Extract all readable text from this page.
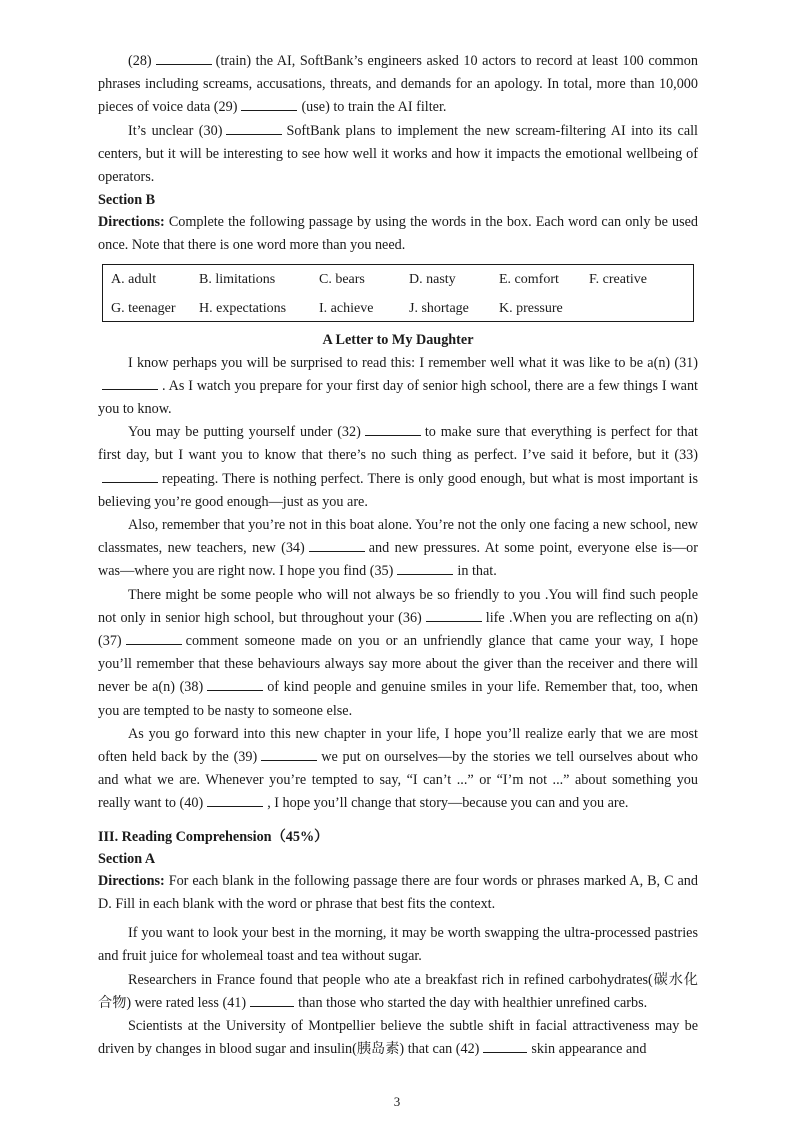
(28)	(train) the AI, SoftBank’s engineers asked 10 actors to record at least 100 common phrases including screams, accusations, threats, and demands for an apology. In total, more than 10,000 pieces of voice data (29)	(use) to train the AI filter.

It’s unclear (30)	SoftBank plans to implement the new scream-filtering AI into its call centers, but it will be interesting to see how well it works and how it impacts the emotional wellbeing of operators.

Section B

Directions: Complete the following passage by using the words in the box. Each word can only be used once. Note that there is one word more than you need.

A. adult	B. limitations	C. bears	D. nasty	E. comfort	F. creative
G. teenager	H. expectations	I. achieve	J. shortage	K. pressure

A Letter to My Daughter

I know perhaps you will be surprised to read this: I remember well what it was like to be a(n) (31). As I watch you prepare for your first day of senior high school, there are a few things I want you to know.

You may be putting yourself under (32)	to make sure that everything is perfect for that first day, but I want you to know that there’s no such thing as perfect. I’ve said it before, but it (33)repeating. There is nothing perfect. There is only good enough, but what is most important is believing you’re good enough—just as you are.

Also, remember that you’re not in this boat alone. You’re not the only one facing a new school, new classmates, new teachers, new (34)	and new pressures. At some point, everyone else is—or was—where you are right now. I hope you find (35)	in that.

There might be some people who will not always be so friendly to you .You will find such people not only in senior high school, but throughout your (36)	life .When you are reflecting on a(n) (37)	comment someone made on you or an unfriendly glance that came your way, I hope you’ll remember that these behaviours always say more about the giver than the receiver and there will never be a(n) (38)	of kind people and genuine smiles in your life. Remember that, too, when you are tempted to be nasty to someone else.

As you go forward into this new chapter in your life, I hope you’ll realize early that we are most often held back by the (39)	we put on ourselves—by the stories we tell ourselves about who and what we are. Whenever you’re tempted to say, “I can’t ...” or “I’m not ...” about something you really want to (40)	, I hope you’ll change that story—because you can and you are.

III. Reading Comprehension（45%）

Section A

Directions: For each blank in the following passage there are four words or phrases marked A, B, C and D. Fill in each blank with the word or phrase that best fits the context.

If you want to look your best in the morning, it may be worth swapping the ultra-processed pastries and fruit juice for wholemeal toast and tea without sugar.

Researchers in France found that people who ate a breakfast rich in refined carbohydrates(碳水化合物) were rated less (41)	than those who started the day with healthier unrefined carbs.

Scientists at the University of Montpellier believe the subtle shift in facial attractiveness may be driven by changes in blood sugar and insulin(胰岛素) that can (42)	skin appearance and

3
